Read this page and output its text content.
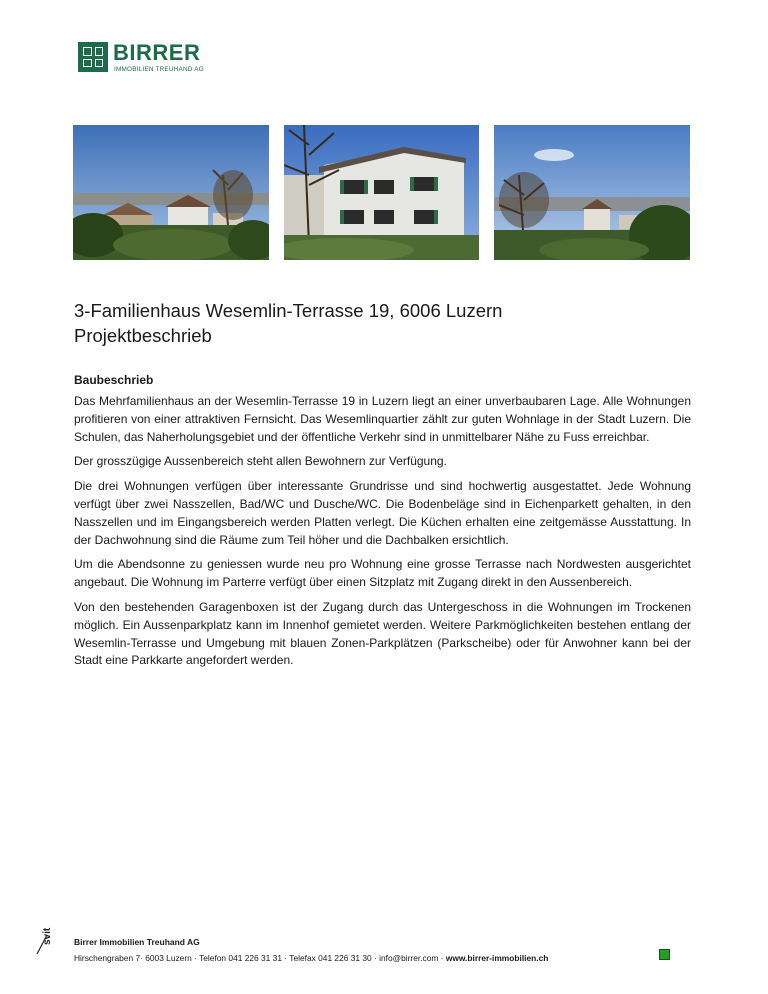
BIRRER
IMMOBILIEN TREUHAND AG
3-Familienhaus Wesemlin-Terrasse 19, 6006 Luzern
Projektbeschrieb
Baubeschrieb

Das Mehrfamilienhaus an der Wesemlin-Terrasse 19 in Luzern liegt an einer unverbaubaren Lage. Alle Wohnungen profitieren von einer attraktiven Fernsicht. Das Wesemlinquartier zählt zur guten Wohnlage in der Stadt Luzern. Die Schulen, das Naherholungsgebiet und der öffentliche Verkehr sind in unmittelbarer Nähe zu Fuss erreichbar.

Der grosszügige Aussenbereich steht allen Bewohnern zur Verfügung.

Die drei Wohnungen verfügen über interessante Grundrisse und sind hochwertig ausgestattet. Jede Wohnung verfügt über zwei Nasszellen, Bad/WC und Dusche/WC. Die Bodenbeläge sind in Eichenparkett gehalten, in den Nasszellen und im Eingangsbereich werden Platten verlegt. Die Küchen erhalten eine zeitgemässe Ausstattung. In der Dachwohnung sind die Räume zum Teil höher und die Dachbalken ersichtlich.

Um die Abendsonne zu geniessen wurde neu pro Wohnung eine grosse Terrasse nach Nordwesten ausgerichtet angebaut. Die Wohnung im Parterre verfügt über einen Sitzplatz mit Zugang direkt in den Aussenbereich.

Von den bestehenden Garagenboxen ist der Zugang durch das Untergeschoss in die Wohnungen im Trockenen möglich. Ein Aussenparkplatz kann im Innenhof gemietet werden. Weitere Parkmöglichkeiten bestehen entlang der Wesemlin-Terrasse und Umgebung mit blauen Zonen-Parkplätzen (Parkscheibe) oder für Anwohner kann bei der Stadt eine Parkkarte angefordert werden.

svit Birrer Immobilien Treuhand AG
Hirschengraben 7· 6003 Luzern · Telefon 041 226 31 31 · Telefax 041 226 31 30 · info@birrer.com · www.birrer-immobilien.ch
